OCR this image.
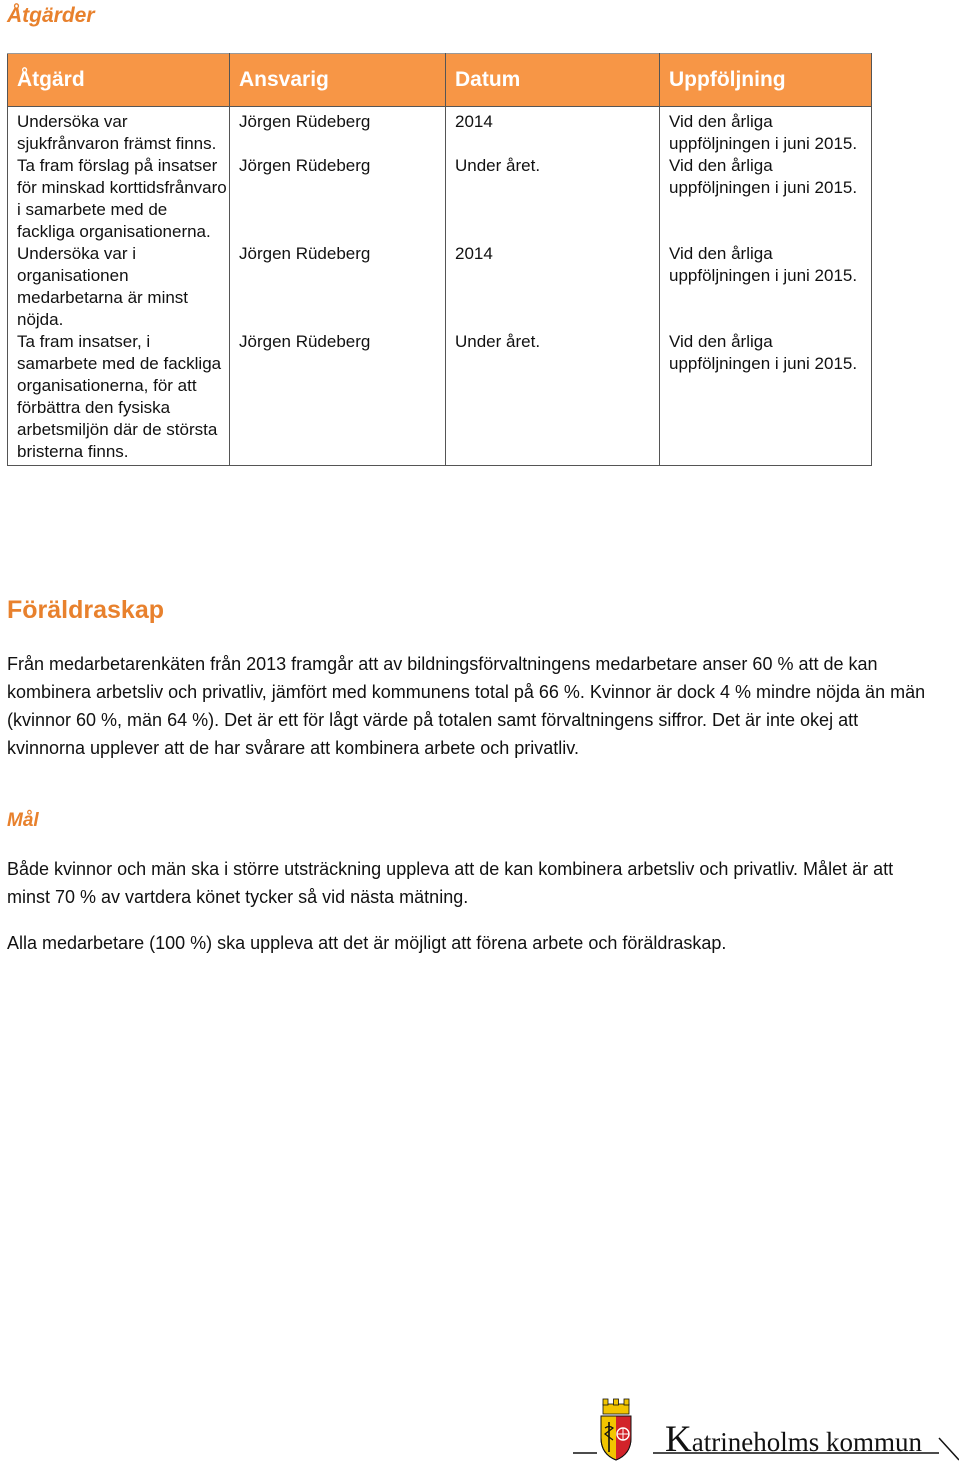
Åtgärder
Åtgärd	Ansvarig	Datum	Uppföljning
Undersöka var sjukfrånvaron främst finns.	Jörgen Rüdeberg	2014	Vid den årliga uppföljningen i juni 2015.
Ta fram förslag på insatser för minskad korttidsfrånvaro i samarbete med de fackliga organisationerna.	Jörgen Rüdeberg	Under året.	Vid den årliga uppföljningen i juni 2015.
Undersöka var i organisationen medarbetarna är minst nöjda.	Jörgen Rüdeberg	2014	Vid den årliga uppföljningen i juni 2015.
Ta fram insatser, i samarbete med de fackliga organisationerna, för att förbättra den fysiska arbetsmiljön där de största bristerna finns.	Jörgen Rüdeberg	Under året.	Vid den årliga uppföljningen i juni 2015.
Föräldraskap

Från medarbetarenkäten från 2013 framgår att av bildningsförvaltningens medarbetare anser 60 % att de kan kombinera arbetsliv och privatliv, jämfört med kommunens total på 66 %. Kvinnor är dock 4 % mindre nöjda än män (kvinnor 60 %, män 64 %). Det är ett för lågt värde på totalen samt förvaltningens siffror. Det är inte okej att kvinnorna upplever att de har svårare att kombinera arbete och privatliv.

Mål

Både kvinnor och män ska i större utsträckning uppleva att de kan kombinera arbetsliv och privatliv. Målet är att minst 70 % av vartdera könet tycker så vid nästa mätning.

Alla medarbetare (100 %) ska uppleva att det är möjligt att förena arbete och föräldraskap.

Katrineholms kommun
